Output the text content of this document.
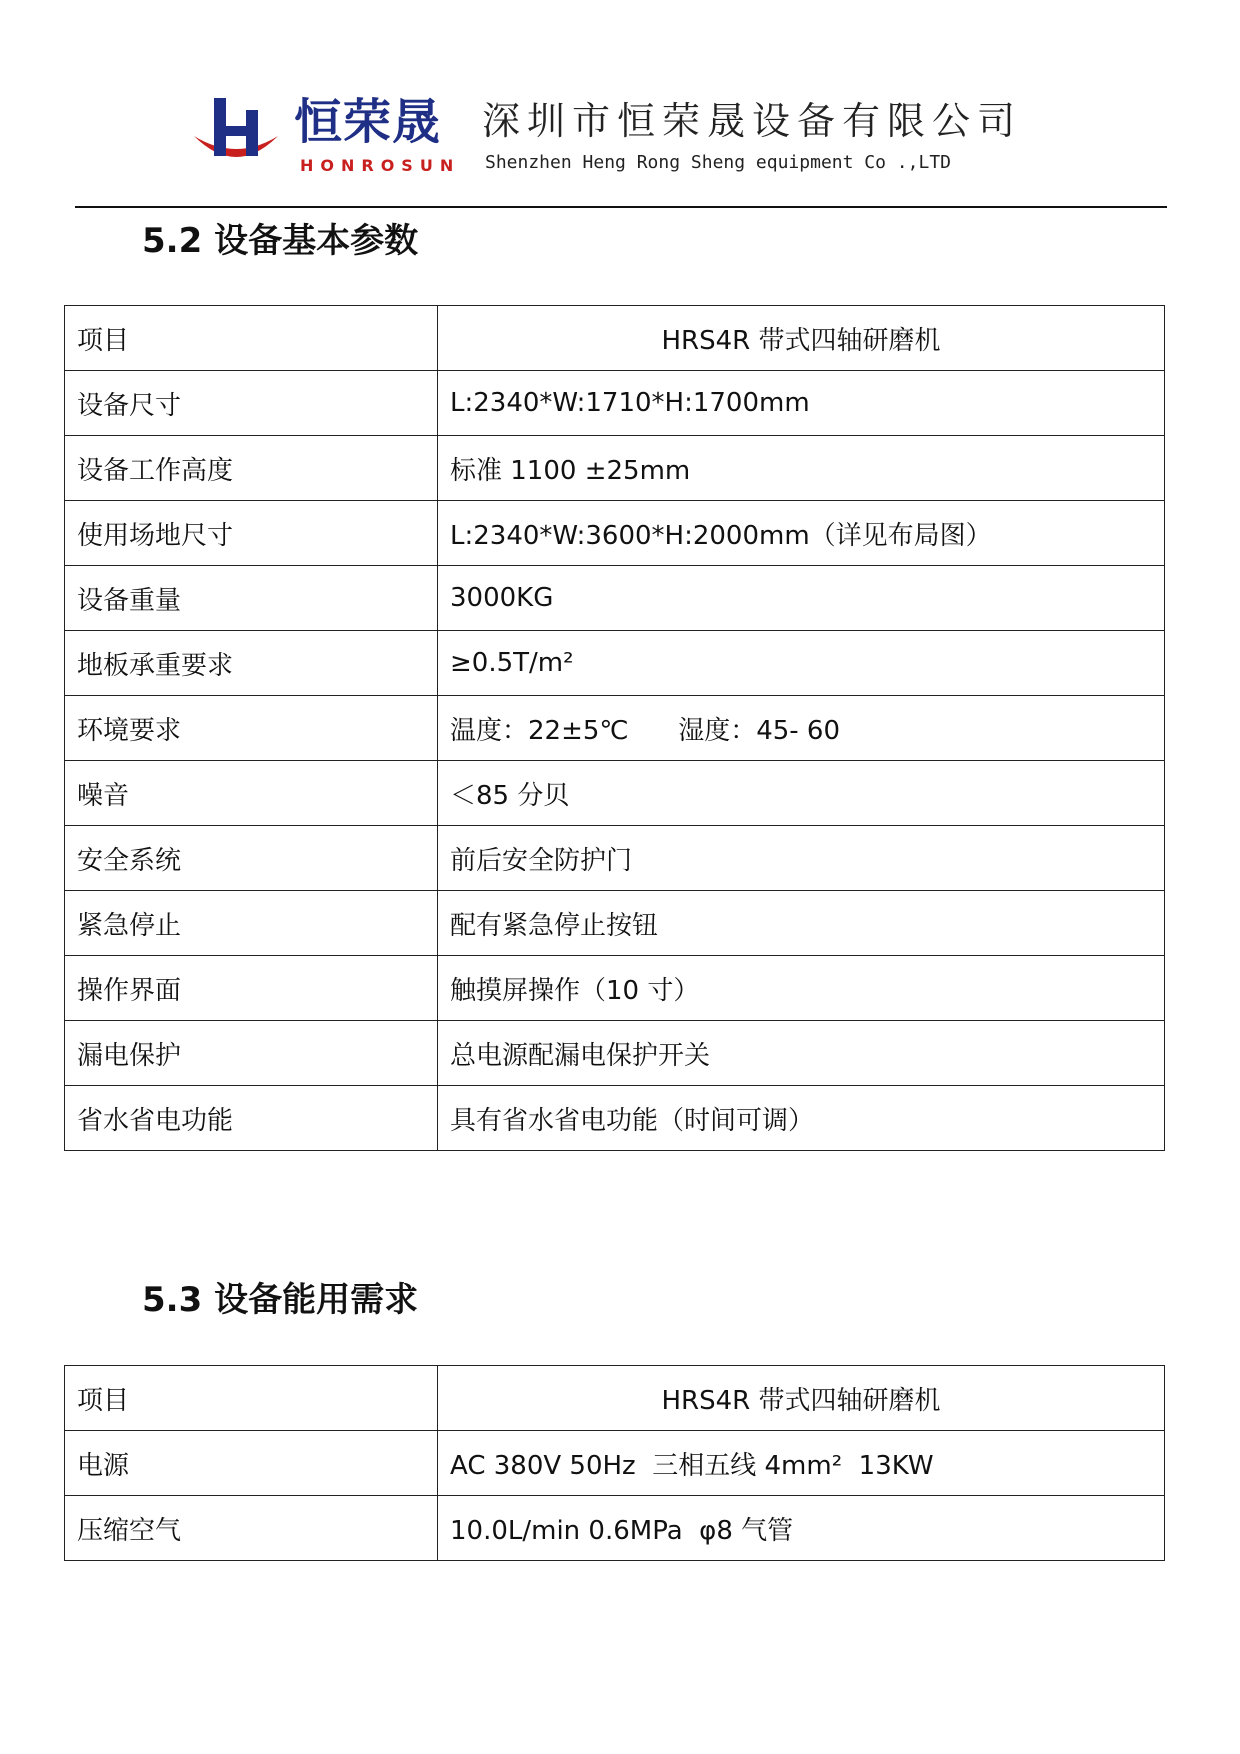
恒荣晟
HONROSUN
深圳市恒荣晟设备有限公司
Shenzhen Heng Rong Sheng equipment Co .,LTD
5.2 设备基本参数
项目	HRS4R 带式四轴研磨机
设备尺寸	L:2340*W:1710*H:1700mm
设备工作高度	标准 1100 ±25mm
使用场地尺寸	L:2340*W:3600*H:2000mm（详见布局图）
设备重量	3000KG
地板承重要求	≥0.5T/m²
环境要求	温度：22±5℃      湿度：45- 60
噪音	＜85 分贝
安全系统	前后安全防护门
紧急停止	配有紧急停止按钮
操作界面	触摸屏操作（10 寸）
漏电保护	总电源配漏电保护开关
省水省电功能	具有省水省电功能（时间可调）
5.3 设备能用需求
项目	HRS4R 带式四轴研磨机
电源	AC 380V 50Hz  三相五线 4mm²  13KW
压缩空气	10.0L/min 0.6MPa  φ8 气管
